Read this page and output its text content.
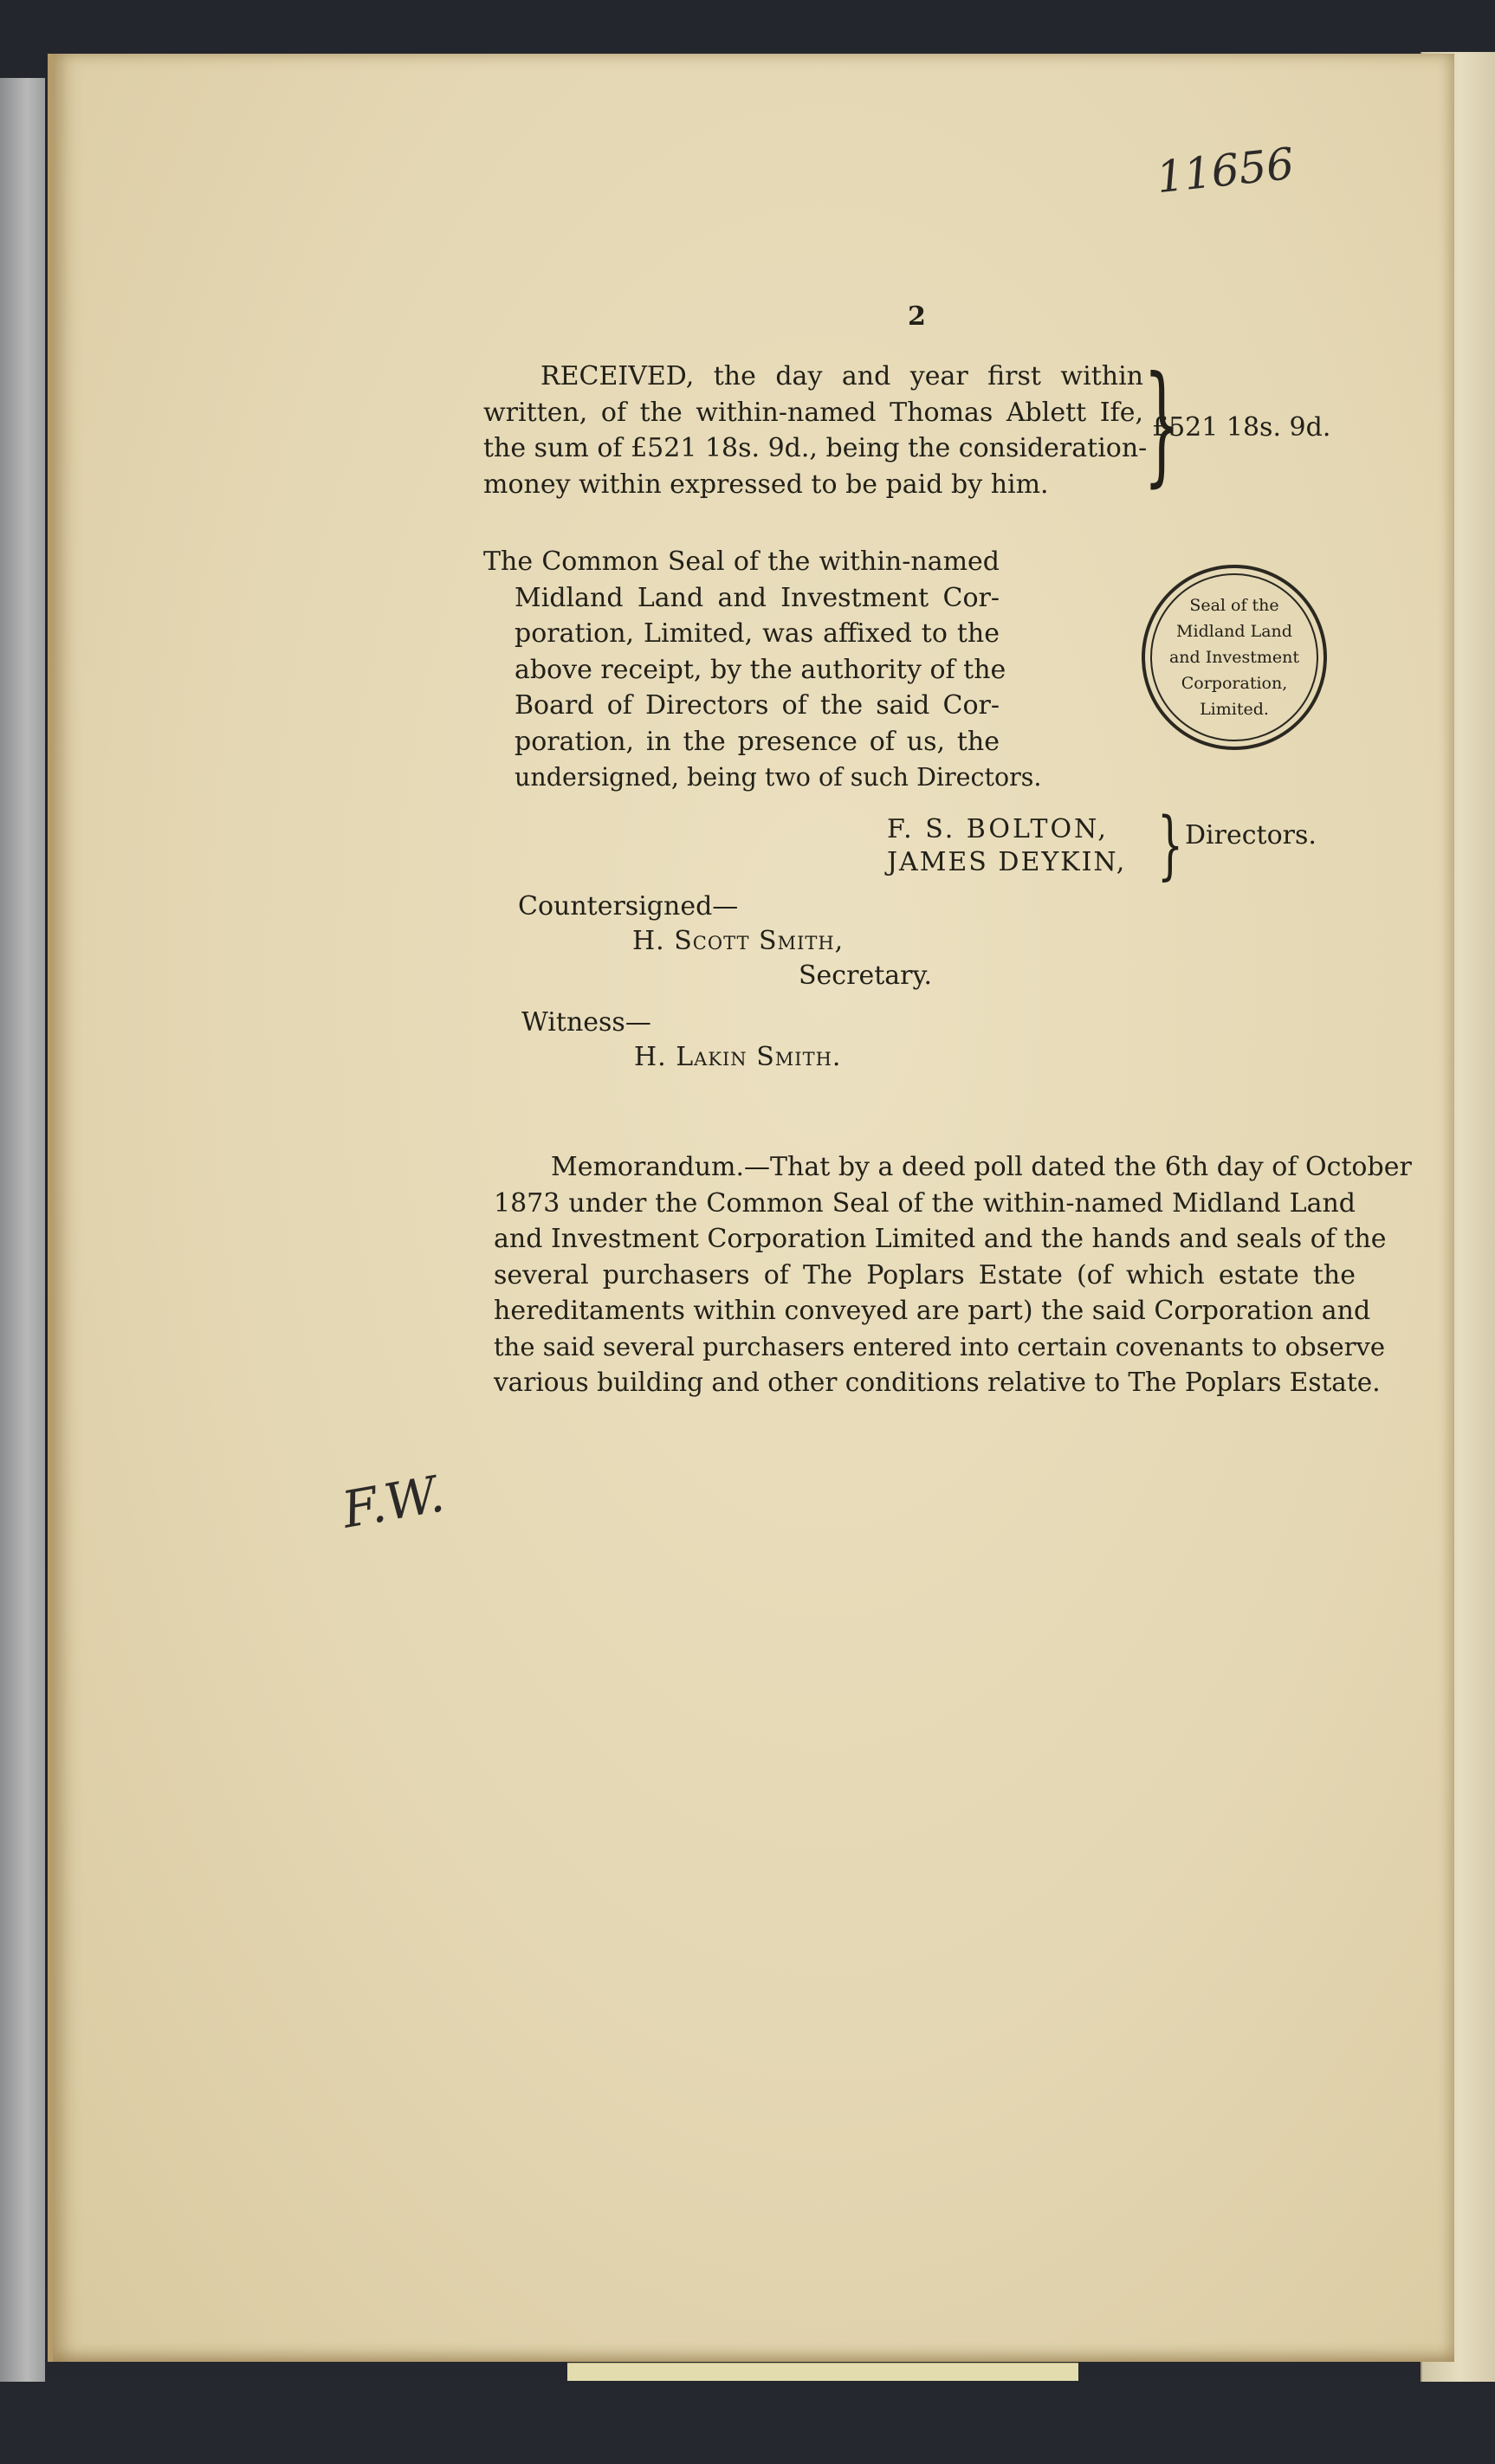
11656
2
RECEIVED, the day and year first within
written, of the within-named Thomas Ablett Ife,
the sum of £521 18s. 9d., being the consideration-
money within expressed to be paid by him. }
£521 18s. 9d.
The Common Seal of the within-named
Midland Land and Investment Cor-
poration, Limited, was affixed to the
above receipt, by the authority of the
Board of Directors of the said Cor-
poration, in the presence of us, the
undersigned, being two of such Directors.
Seal of the Midland Land and Investment Corporation, Limited.
F. S. BOLTON,
JAMES DEYKIN, } Directors.
Countersigned—
H. Scott Smith,
Secretary.
Witness—
H. Lakin Smith.
Memorandum.—That by a deed poll dated the 6th day of October
1873 under the Common Seal of the within-named Midland Land
and Investment Corporation Limited and the hands and seals of the
several purchasers of The Poplars Estate (of which estate the
hereditaments within conveyed are part) the said Corporation and
the said several purchasers entered into certain covenants to observe
various building and other conditions relative to The Poplars Estate.
F.W.
